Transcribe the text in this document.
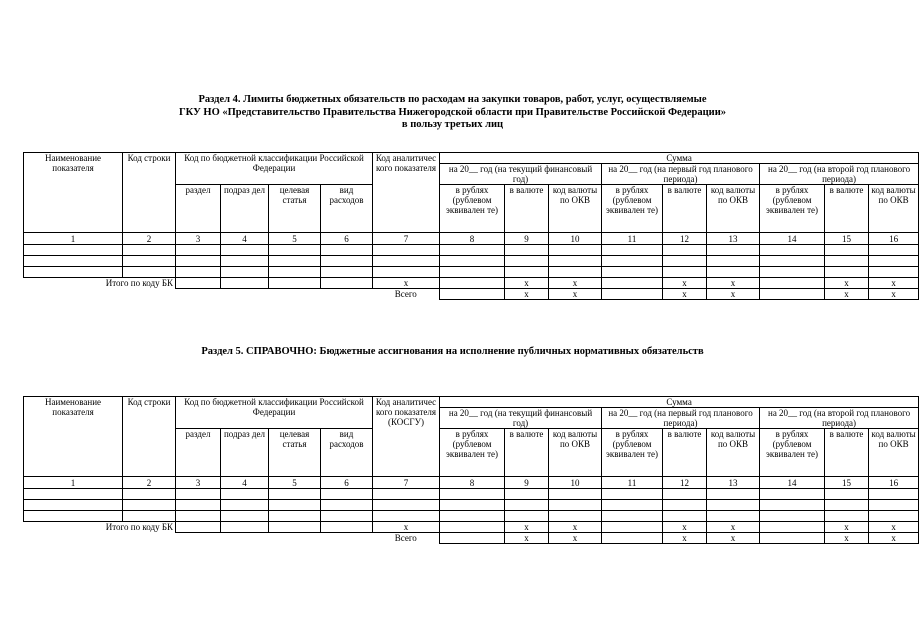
Раздел 4. Лимиты бюджетных обязательств по расходам на закупки товаров, работ, услуг, осуществляемые
ГКУ НО «Представительство Правительства Нижегородской области при Правительстве Российской Федерации»
в пользу третьих лиц
Раздел 5. СПРАВОЧНО: Бюджетные ассигнования на исполнение публичных нормативных обязательств
Наименование показателя	Код строки	Код по бюджетной классификации Российской Федерации				Код аналитичес кого показателя	Сумма								
							на 20__ год (на текущий финансовый год)			на 20__ год (на первый год планового периода)			на 20__ год (на второй год планового периода)		
		раздел	подраз дел	целевая статья	вид расходов		в рублях (рублевом эквивален те)	в валюте	код валюты по ОКВ	в рублях (рублевом эквивален те)	в валюте	код валюты по ОКВ	в рублях (рублевом эквивален те)	в валюте	код валюты по ОКВ
1	2	3	4	5	6	7	8	9	10	11	12	13	14	15	16

Итого по коду БК						х		х	х		х	х		х	х
						Всего		х	х		х	х		х	х
Наименование показателя	Код строки	Код по бюджетной классификации Российской Федерации				Код аналитичес кого показателя (КОСГУ)	Сумма								
							на 20__ год (на текущий финансовый год)			на 20__ год (на первый год планового периода)			на 20__ год (на второй год планового периода)		
		раздел	подраз дел	целевая статья	вид расходов		в рублях (рублевом эквивален те)	в валюте	код валюты по ОКВ	в рублях (рублевом эквивален те)	в валюте	код валюты по ОКВ	в рублях (рублевом эквивален те)	в валюте	код валюты по ОКВ
1	2	3	4	5	6	7	8	9	10	11	12	13	14	15	16

Итого по коду БК						х		х	х		х	х		х	х
						Всего		х	х		х	х		х	х
